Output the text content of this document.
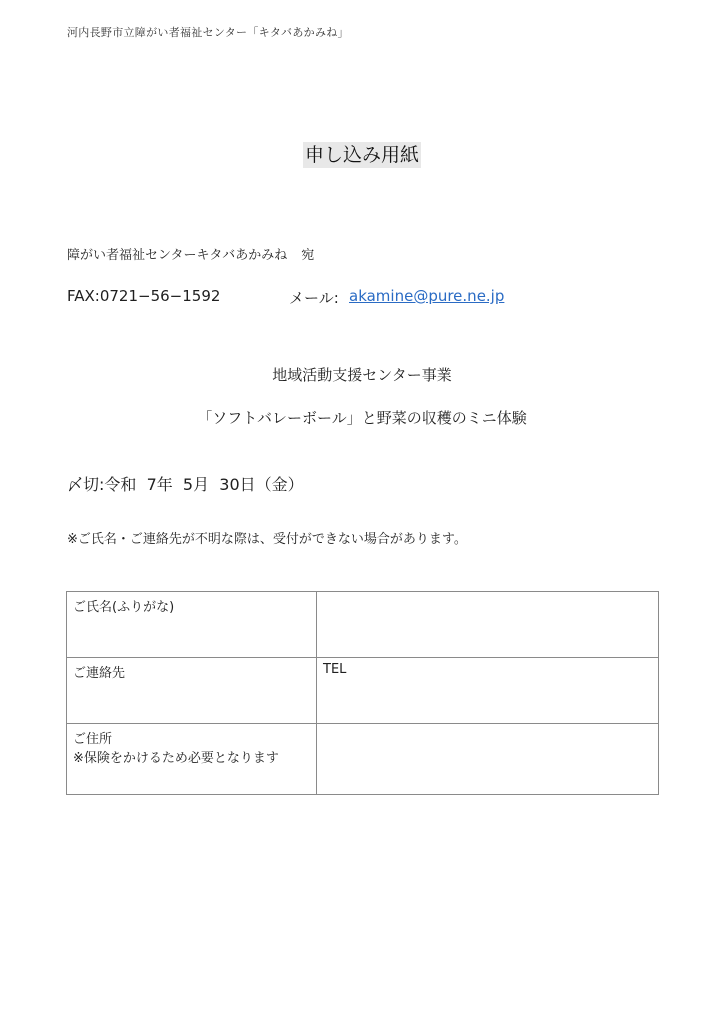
河内長野市立障がい者福祉センター「キタバあかみね」
申し込み用紙
障がい者福祉センターキタバあかみね 宛
FAX:0721−56−1592	メール: akamine@pure.ne.jp
地域活動支援センター事業
「ソフトバレーボール」と野菜の収穫のミニ体験
〆切:令和  7年  5月  30日（金）
※ご氏名・ご連絡先が不明な際は、受付ができない場合があります。
ご氏名(ふりがな)	
ご連絡先	TEL

ご住所
※保険をかけるため必要となります	
